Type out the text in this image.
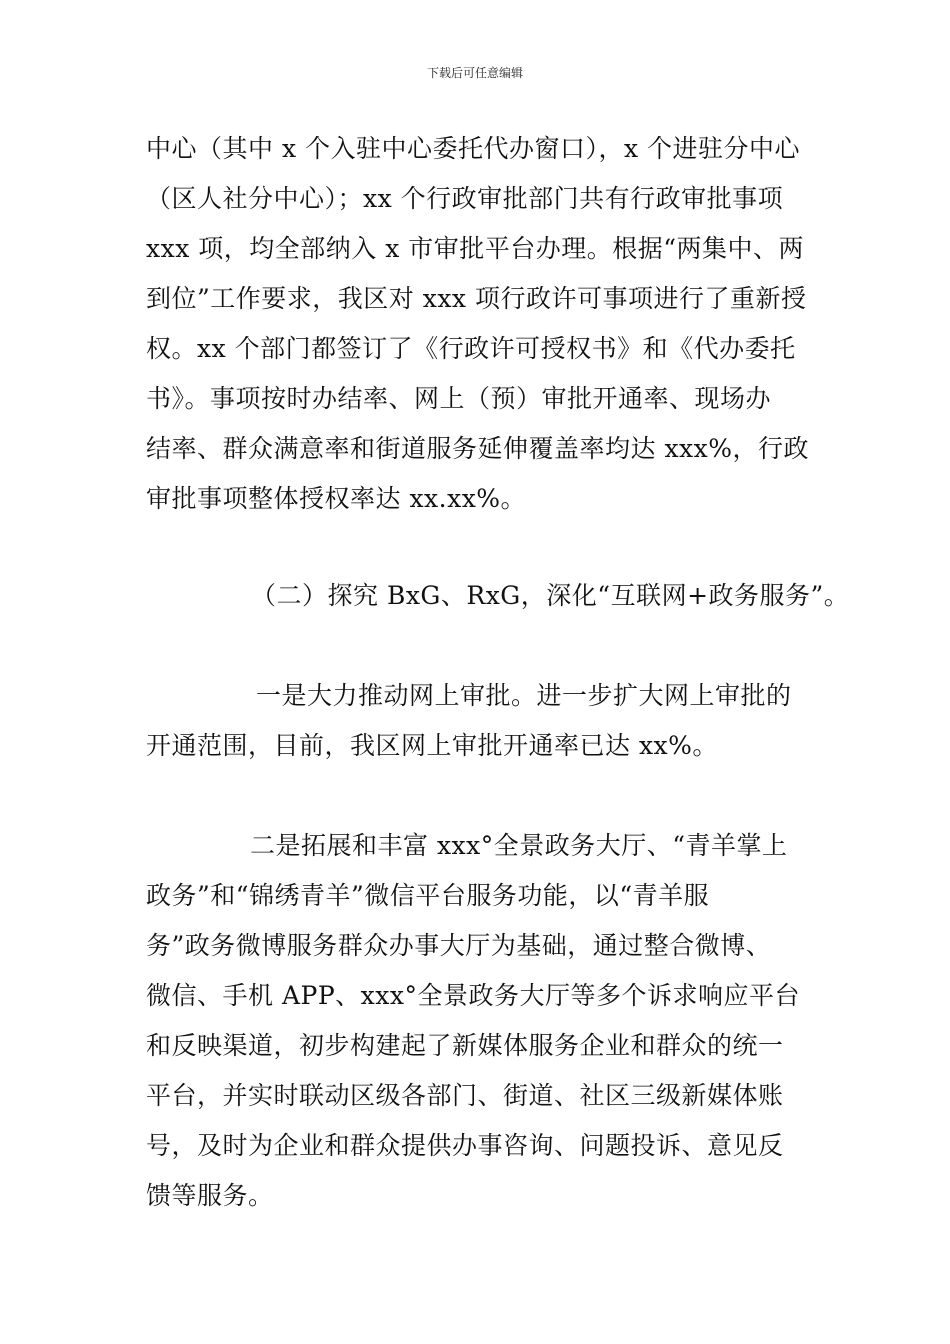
下载后可任意编辑
中心（其中 x 个入驻中心委托代办窗口），x 个进驻分中心
（区人社分中心）；xx 个行政审批部门共有行政审批事项
xxx 项，均全部纳入 x 市审批平台办理。根据“两集中、两
到位”工作要求，我区对 xxx 项行政许可事项进行了重新授
权。xx 个部门都签订了《行政许可授权书》和《代办委托
书》。事项按时办结率、网上（预）审批开通率、现场办
结率、群众满意率和街道服务延伸覆盖率均达 xxx%，行政
审批事项整体授权率达 xx.xx%。
（二）探究 BxG、RxG，深化“互联网+政务服务”。
一是大力推动网上审批。进一步扩大网上审批的
开通范围，目前，我区网上审批开通率已达 xx%。
二是拓展和丰富 xxx°全景政务大厅、“青羊掌上
政务”和“锦绣青羊”微信平台服务功能，以“青羊服
务”政务微博服务群众办事大厅为基础，通过整合微博、
微信、手机 APP、xxx°全景政务大厅等多个诉求响应平台
和反映渠道，初步构建起了新媒体服务企业和群众的统一
平台，并实时联动区级各部门、街道、社区三级新媒体账
号，及时为企业和群众提供办事咨询、问题投诉、意见反
馈等服务。
